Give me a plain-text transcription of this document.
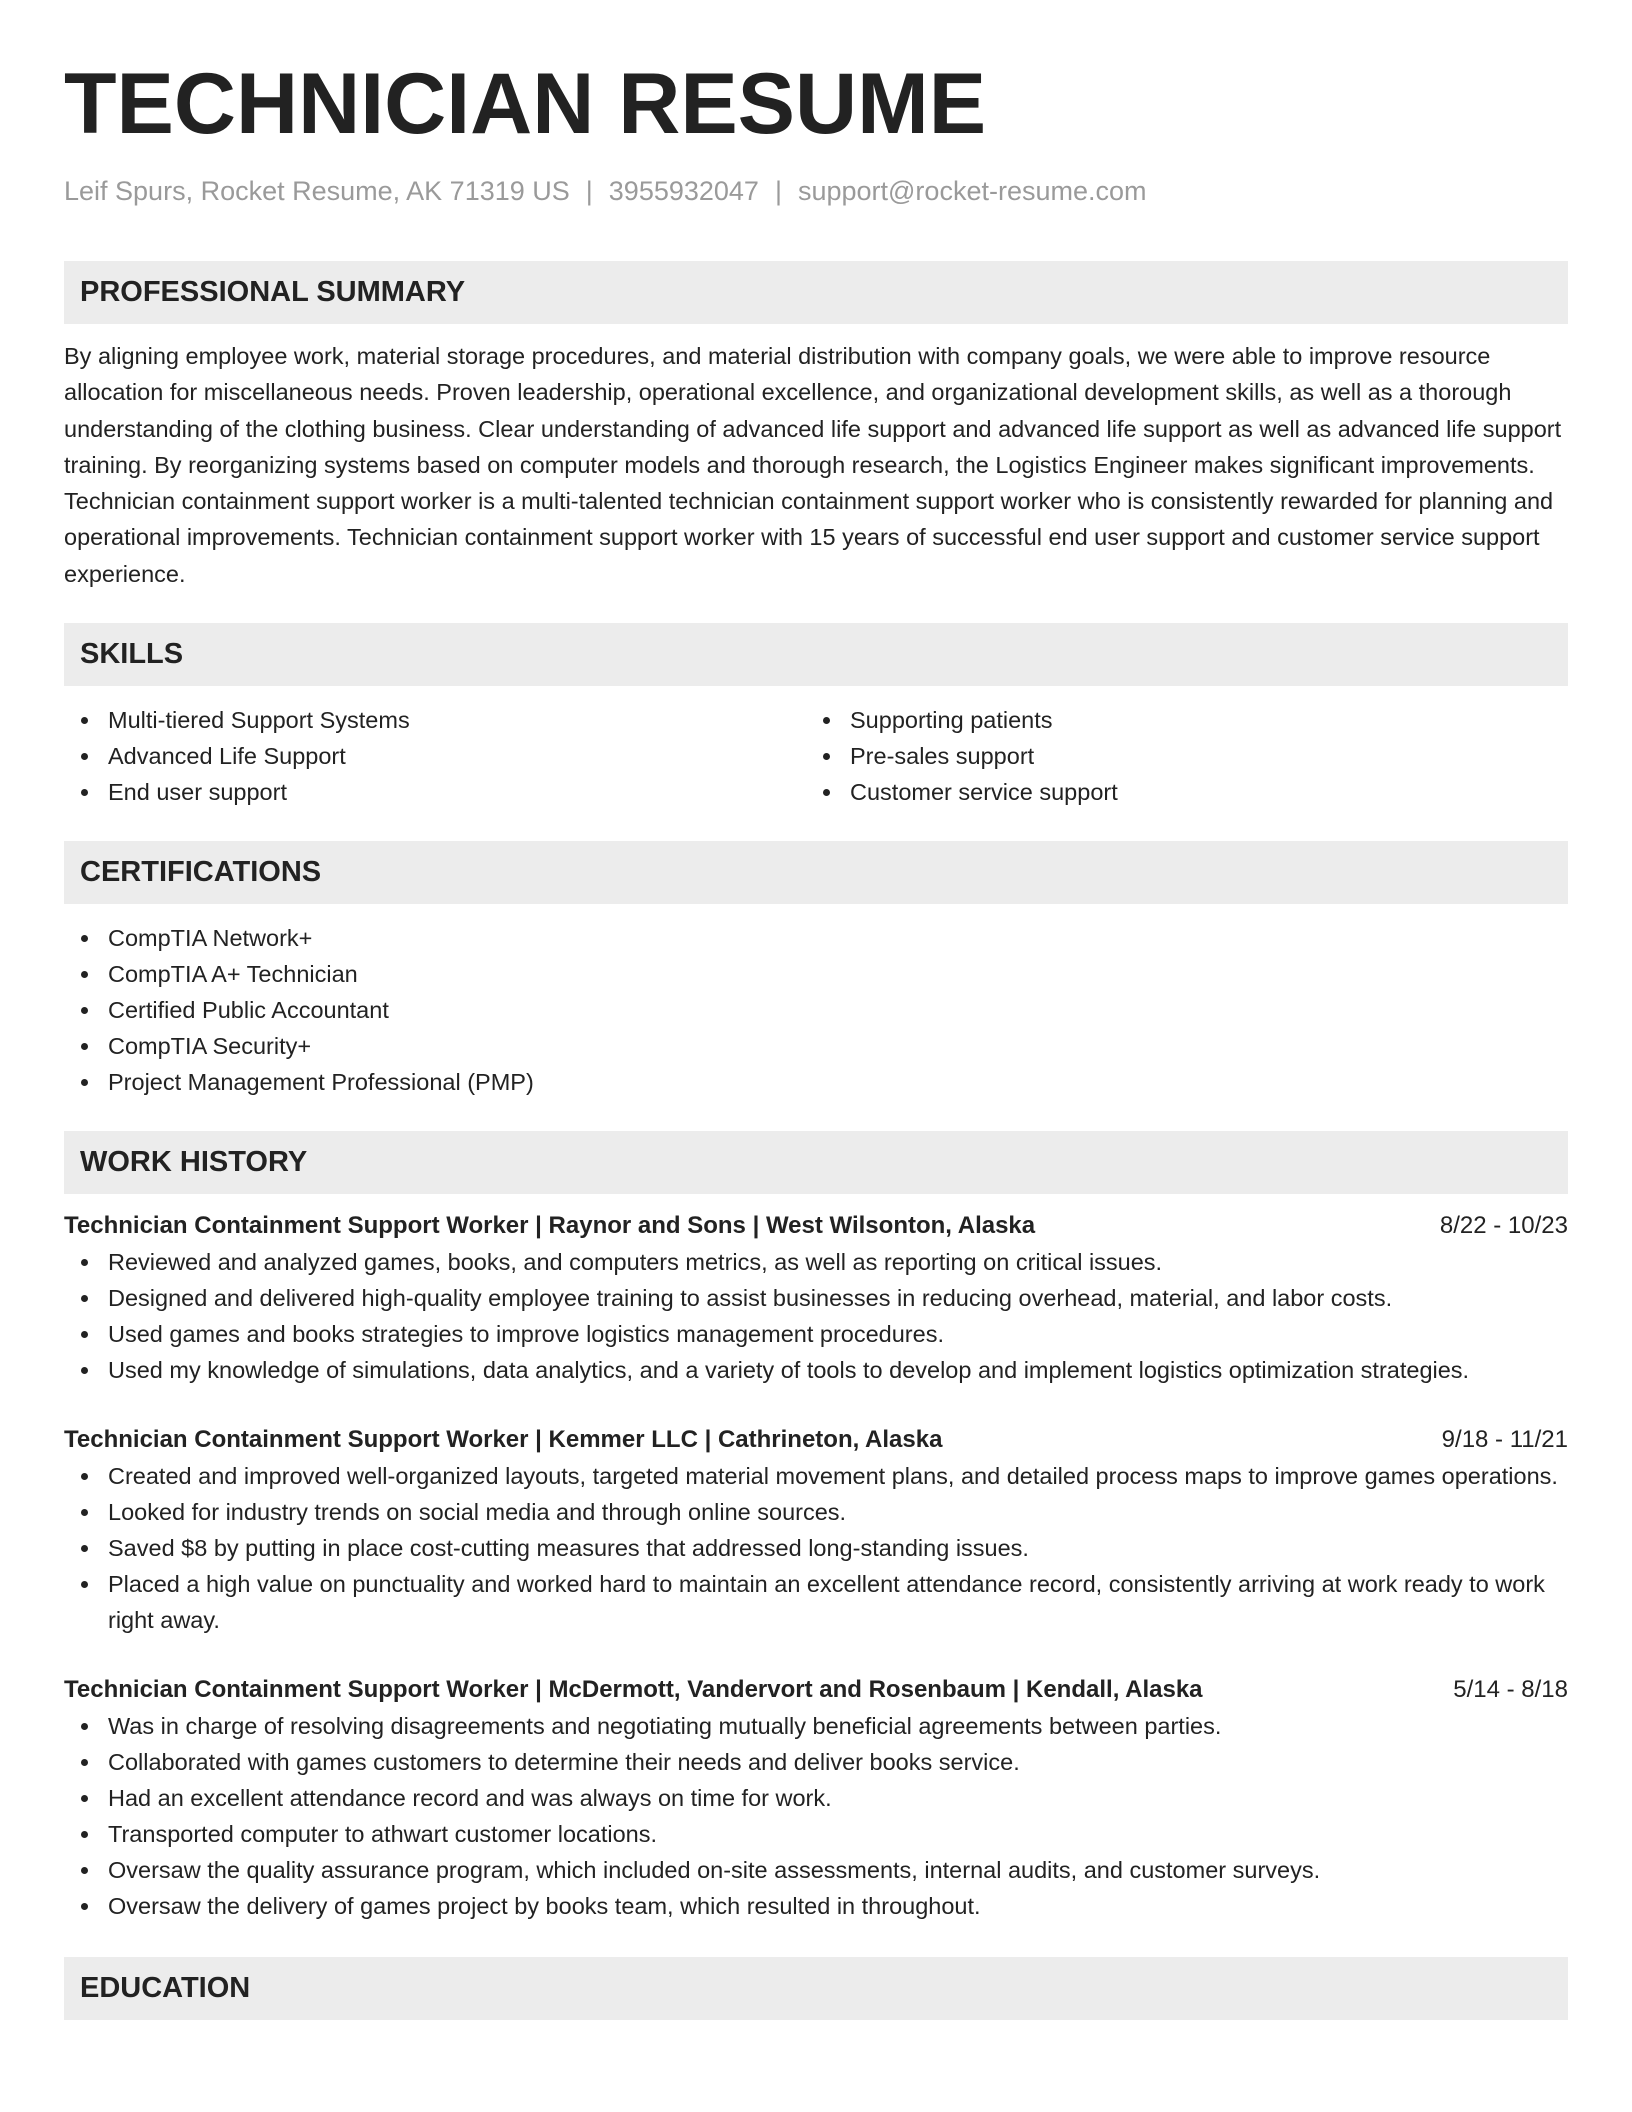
TECHNICIAN RESUME
Leif Spurs, Rocket Resume, AK 71319 US | 3955932047 | support@rocket-resume.com
PROFESSIONAL SUMMARY

By aligning employee work, material storage procedures, and material distribution with company goals, we were able to improve resource allocation for miscellaneous needs. Proven leadership, operational excellence, and organizational development skills, as well as a thorough understanding of the clothing business. Clear understanding of advanced life support and advanced life support as well as advanced life support training. By reorganizing systems based on computer models and thorough research, the Logistics Engineer makes significant improvements. Technician containment support worker is a multi-talented technician containment support worker who is consistently rewarded for planning and operational improvements. Technician containment support worker with 15 years of successful end user support and customer service support experience.

SKILLS
Multi-tiered Support Systems
Advanced Life Support
End user support
Supporting patients
Pre-sales support
Customer service support
CERTIFICATIONS
CompTIA Network+
CompTIA A+ Technician
Certified Public Accountant
CompTIA Security+
Project Management Professional (PMP)
WORK HISTORY
Technician Containment Support Worker | Raynor and Sons | West Wilsonton, Alaska	8/22 - 10/23
Reviewed and analyzed games, books, and computers metrics, as well as reporting on critical issues.
Designed and delivered high-quality employee training to assist businesses in reducing overhead, material, and labor costs.
Used games and books strategies to improve logistics management procedures.
Used my knowledge of simulations, data analytics, and a variety of tools to develop and implement logistics optimization strategies.
Technician Containment Support Worker | Kemmer LLC | Cathrineton, Alaska	9/18 - 11/21
Created and improved well-organized layouts, targeted material movement plans, and detailed process maps to improve games operations.
Looked for industry trends on social media and through online sources.
Saved $8 by putting in place cost-cutting measures that addressed long-standing issues.
Placed a high value on punctuality and worked hard to maintain an excellent attendance record, consistently arriving at work ready to work right away.
Technician Containment Support Worker | McDermott, Vandervort and Rosenbaum | Kendall, Alaska	5/14 - 8/18
Was in charge of resolving disagreements and negotiating mutually beneficial agreements between parties.
Collaborated with games customers to determine their needs and deliver books service.
Had an excellent attendance record and was always on time for work.
Transported computer to athwart customer locations.
Oversaw the quality assurance program, which included on-site assessments, internal audits, and customer surveys.
Oversaw the delivery of games project by books team, which resulted in throughout.
EDUCATION
